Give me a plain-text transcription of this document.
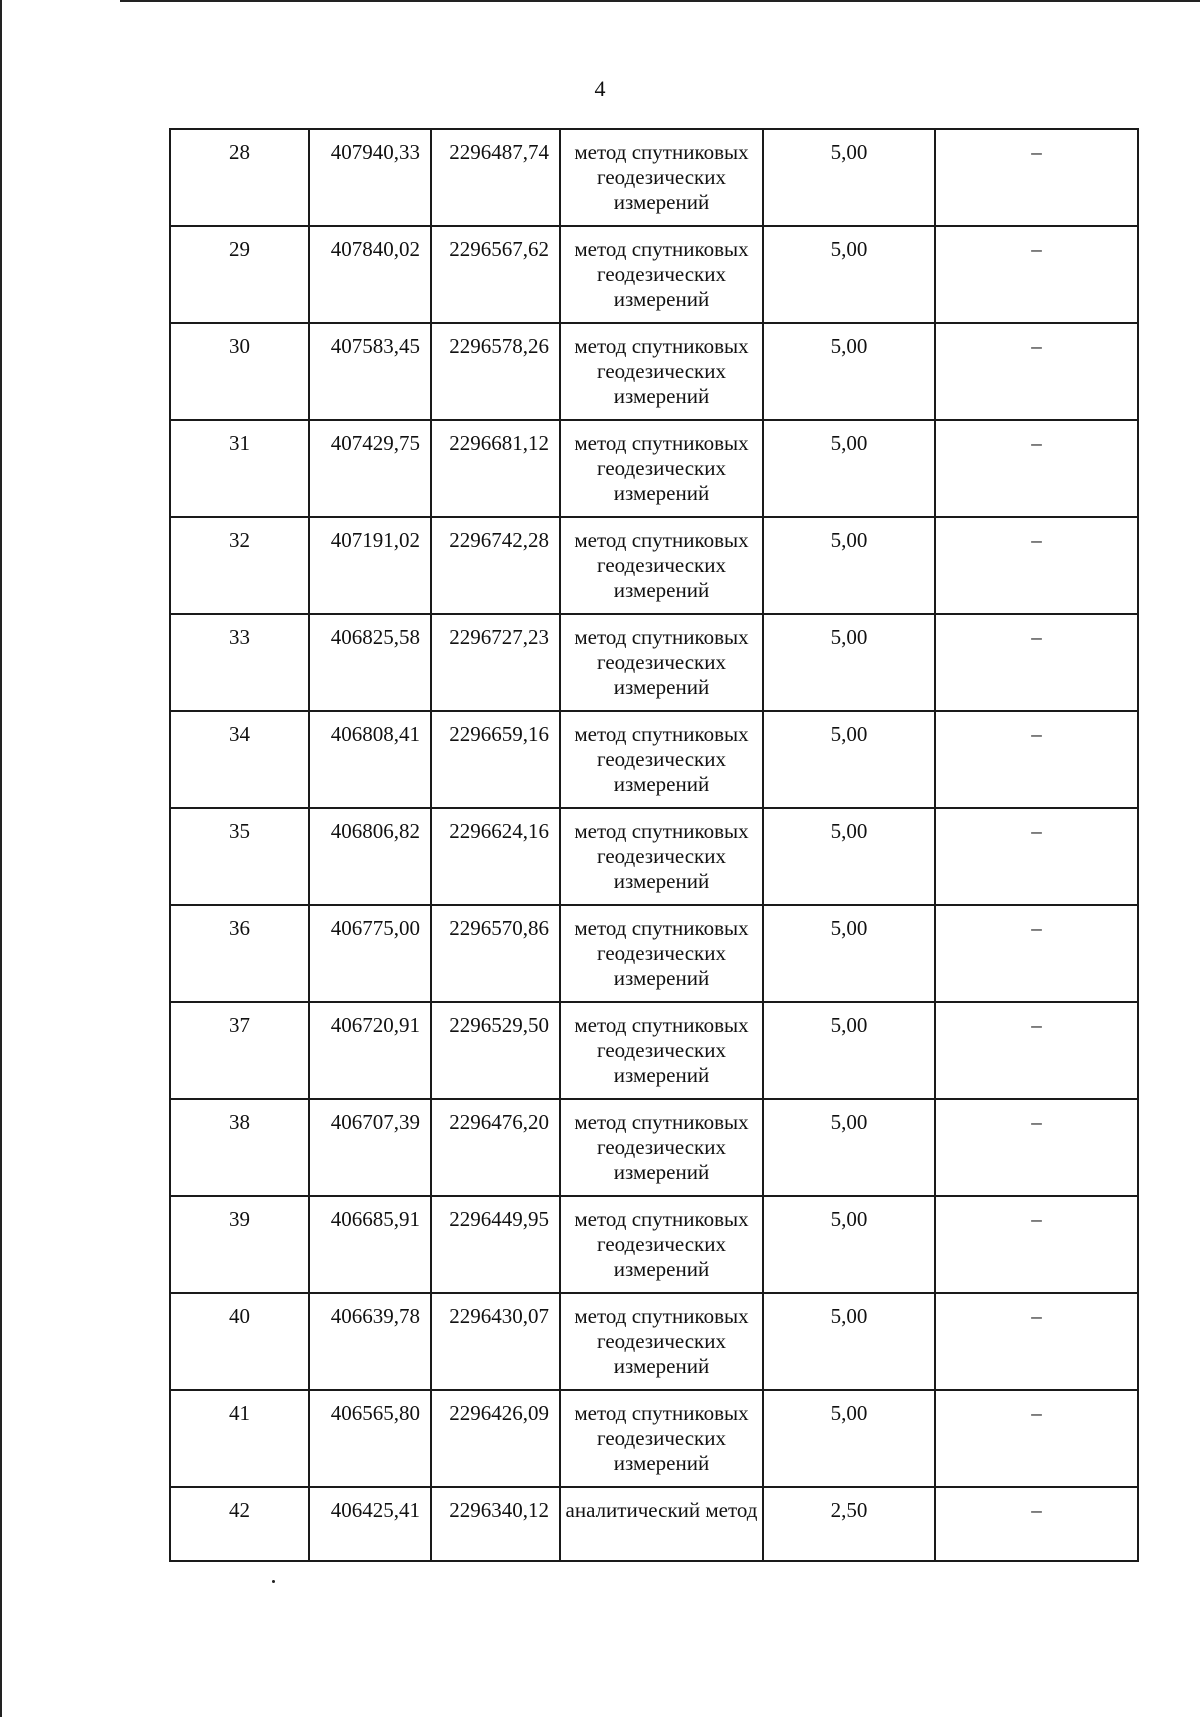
4
28	407940,33	2296487,74	метод спутниковых геодезических измерений	5,00	–
29	407840,02	2296567,62	метод спутниковых геодезических измерений	5,00	–
30	407583,45	2296578,26	метод спутниковых геодезических измерений	5,00	–
31	407429,75	2296681,12	метод спутниковых геодезических измерений	5,00	–
32	407191,02	2296742,28	метод спутниковых геодезических измерений	5,00	–
33	406825,58	2296727,23	метод спутниковых геодезических измерений	5,00	–
34	406808,41	2296659,16	метод спутниковых геодезических измерений	5,00	–
35	406806,82	2296624,16	метод спутниковых геодезических измерений	5,00	–
36	406775,00	2296570,86	метод спутниковых геодезических измерений	5,00	–
37	406720,91	2296529,50	метод спутниковых геодезических измерений	5,00	–
38	406707,39	2296476,20	метод спутниковых геодезических измерений	5,00	–
39	406685,91	2296449,95	метод спутниковых геодезических измерений	5,00	–
40	406639,78	2296430,07	метод спутниковых геодезических измерений	5,00	–
41	406565,80	2296426,09	метод спутниковых геодезических измерений	5,00	–
42	406425,41	2296340,12	аналитический метод	2,50	–
